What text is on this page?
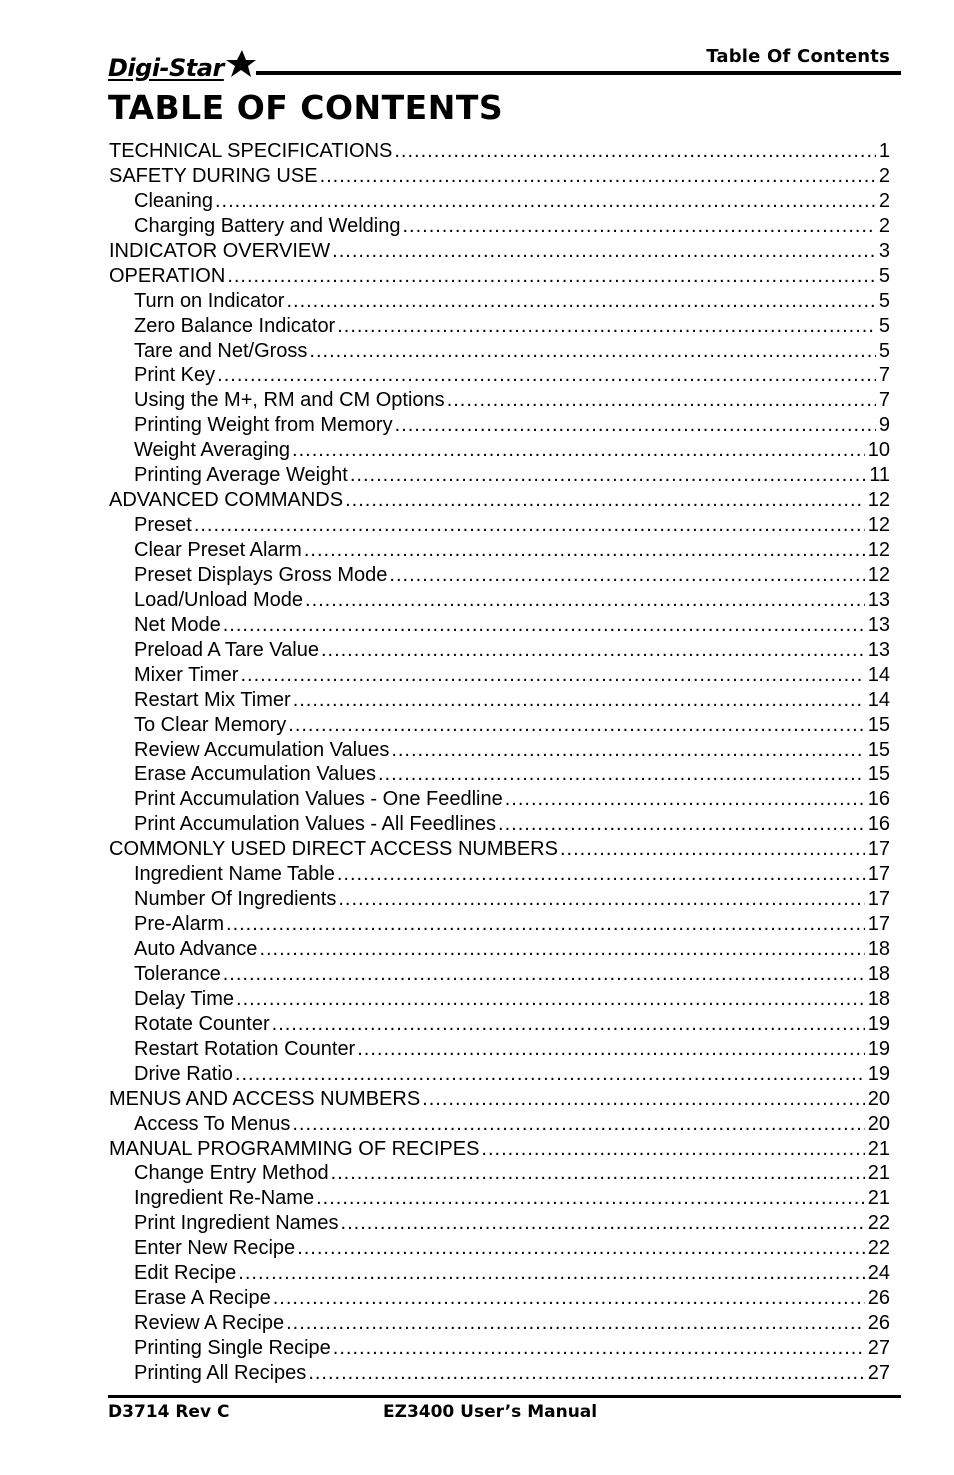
Digi-Star	Table Of Contents
TABLE OF CONTENTS
TECHNICAL SPECIFICATIONS .....	1
SAFETY DURING USE .....	2
Cleaning .....	2
Charging Battery and Welding .....	2
INDICATOR OVERVIEW .....	3
OPERATION .....	5
Turn on Indicator .....	5
Zero Balance Indicator .....	5
Tare and Net/Gross .....	5
Print Key .....	7
Using the M+, RM and CM Options .....	7
Printing Weight from Memory .....	9
Weight Averaging .....	10
Printing Average Weight .....	11
ADVANCED COMMANDS .....	12
Preset .....	12
Clear Preset Alarm .....	12
Preset Displays Gross Mode .....	12
Load/Unload Mode .....	13
Net Mode .....	13
Preload A Tare Value .....	13
Mixer Timer .....	14
Restart Mix Timer .....	14
To Clear Memory .....	15
Review Accumulation Values .....	15
Erase Accumulation Values .....	15
Print Accumulation Values - One Feedline .....	16
Print Accumulation Values - All Feedlines .....	16
COMMONLY USED DIRECT ACCESS NUMBERS .....	17
Ingredient Name Table .....	17
Number Of Ingredients .....	17
Pre-Alarm .....	17
Auto Advance .....	18
Tolerance .....	18
Delay Time .....	18
Rotate Counter .....	19
Restart Rotation Counter .....	19
Drive Ratio .....	19
MENUS AND ACCESS NUMBERS .....	20
Access To Menus .....	20
MANUAL PROGRAMMING OF RECIPES .....	21
Change Entry Method .....	21
Ingredient Re-Name .....	21
Print Ingredient Names .....	22
Enter New Recipe .....	22
Edit Recipe .....	24
Erase A Recipe .....	26
Review A Recipe .....	26
Printing Single Recipe .....	27
Printing All Recipes .....	27
D3714 Rev C	EZ3400 User’s Manual
